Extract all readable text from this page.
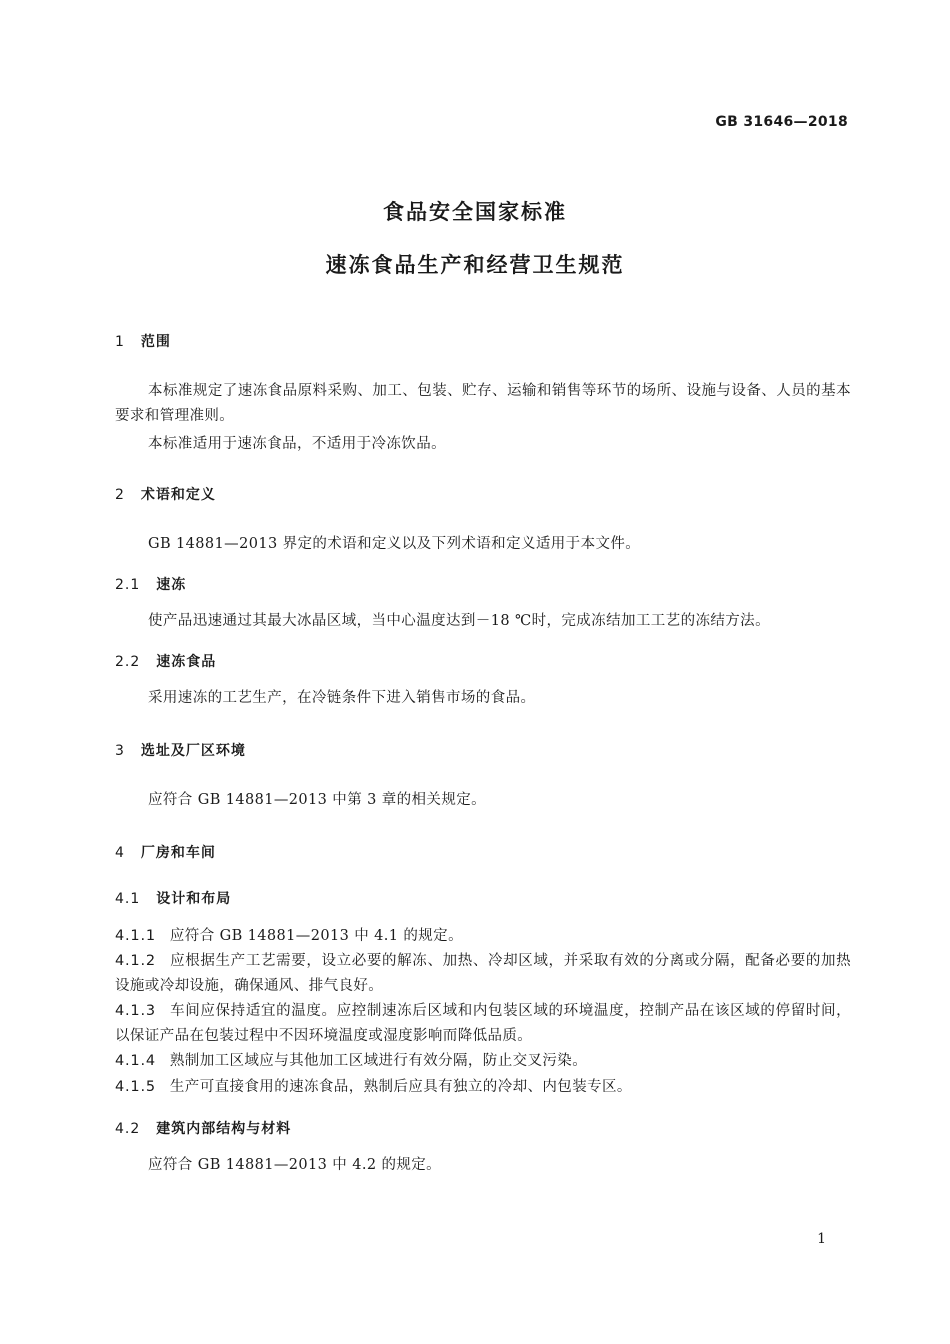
GB 31646—2018
食品安全国家标准
速冻食品生产和经营卫生规范
1 范围
本标准规定了速冻食品原料采购、加工、包装、贮存、运输和销售等环节的场所、设施与设备、人员的基本要求和管理准则。
本标准适用于速冻食品，不适用于冷冻饮品。
2 术语和定义
GB 14881—2013 界定的术语和定义以及下列术语和定义适用于本文件。
2.1 速冻
使产品迅速通过其最大冰晶区域，当中心温度达到－18 ℃时，完成冻结加工工艺的冻结方法。
2.2 速冻食品
采用速冻的工艺生产，在冷链条件下进入销售市场的食品。
3 选址及厂区环境
应符合 GB 14881—2013 中第 3 章的相关规定。
4 厂房和车间
4.1 设计和布局
4.1.1 应符合 GB 14881—2013 中 4.1 的规定。
4.1.2 应根据生产工艺需要，设立必要的解冻、加热、冷却区域，并采取有效的分离或分隔，配备必要的加热设施或冷却设施，确保通风、排气良好。
4.1.3 车间应保持适宜的温度。应控制速冻后区域和内包装区域的环境温度，控制产品在该区域的停留时间，以保证产品在包装过程中不因环境温度或湿度影响而降低品质。
4.1.4 熟制加工区域应与其他加工区域进行有效分隔，防止交叉污染。
4.1.5 生产可直接食用的速冻食品，熟制后应具有独立的冷却、内包装专区。
4.2 建筑内部结构与材料
应符合 GB 14881—2013 中 4.2 的规定。
1
